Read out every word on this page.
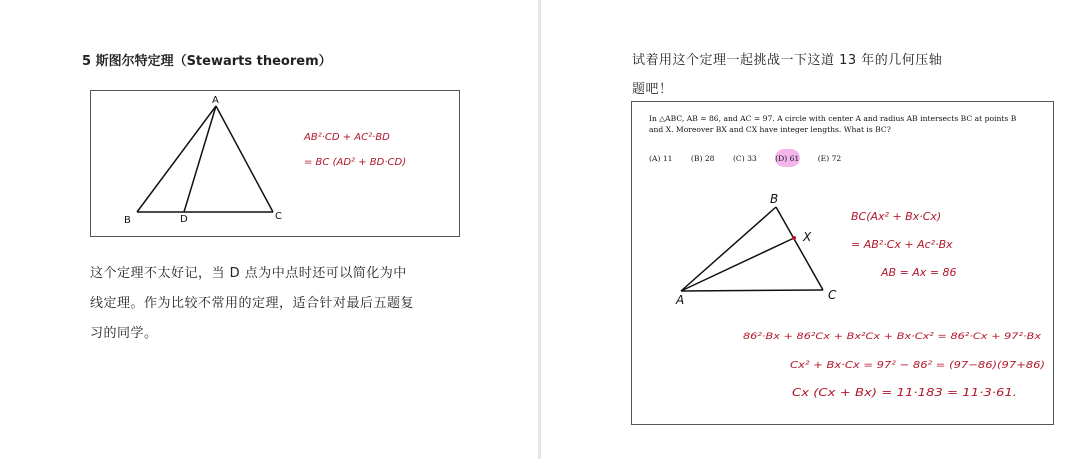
5 斯图尔特定理（Stewarts theorem）
A
B	D	C
AB²·CD + AC²·BD
= BC (AD² + BD·CD)
这个定理不太好记，当 D 点为中点时还可以简化为中
线定理。作为比较不常用的定理，适合针对最后五题复
习的同学。
试着用这个定理一起挑战一下这道 13 年的几何压轴
题吧！
A
B
C
X
BC(Ax² + Bx·Cx)
= AB²·Cx + Ac²·Bx
AB = Ax = 86
86²·Bx + 86²Cx + Bx²Cx + Bx·Cx² = 86²·Cx + 97²·Bx
Cx² + Bx·Cx = 97² − 86² = (97−86)(97+86)
Cx (Cx + Bx) = 11·183 = 11·3·61.
In △ABC, AB = 86, and AC = 97. A circle with center A and radius AB intersects BC at points B
and X. Moreover BX and CX have integer lengths. What is BC?
(A) 11 (B) 28 (C) 33 (D) 61 (E) 72
